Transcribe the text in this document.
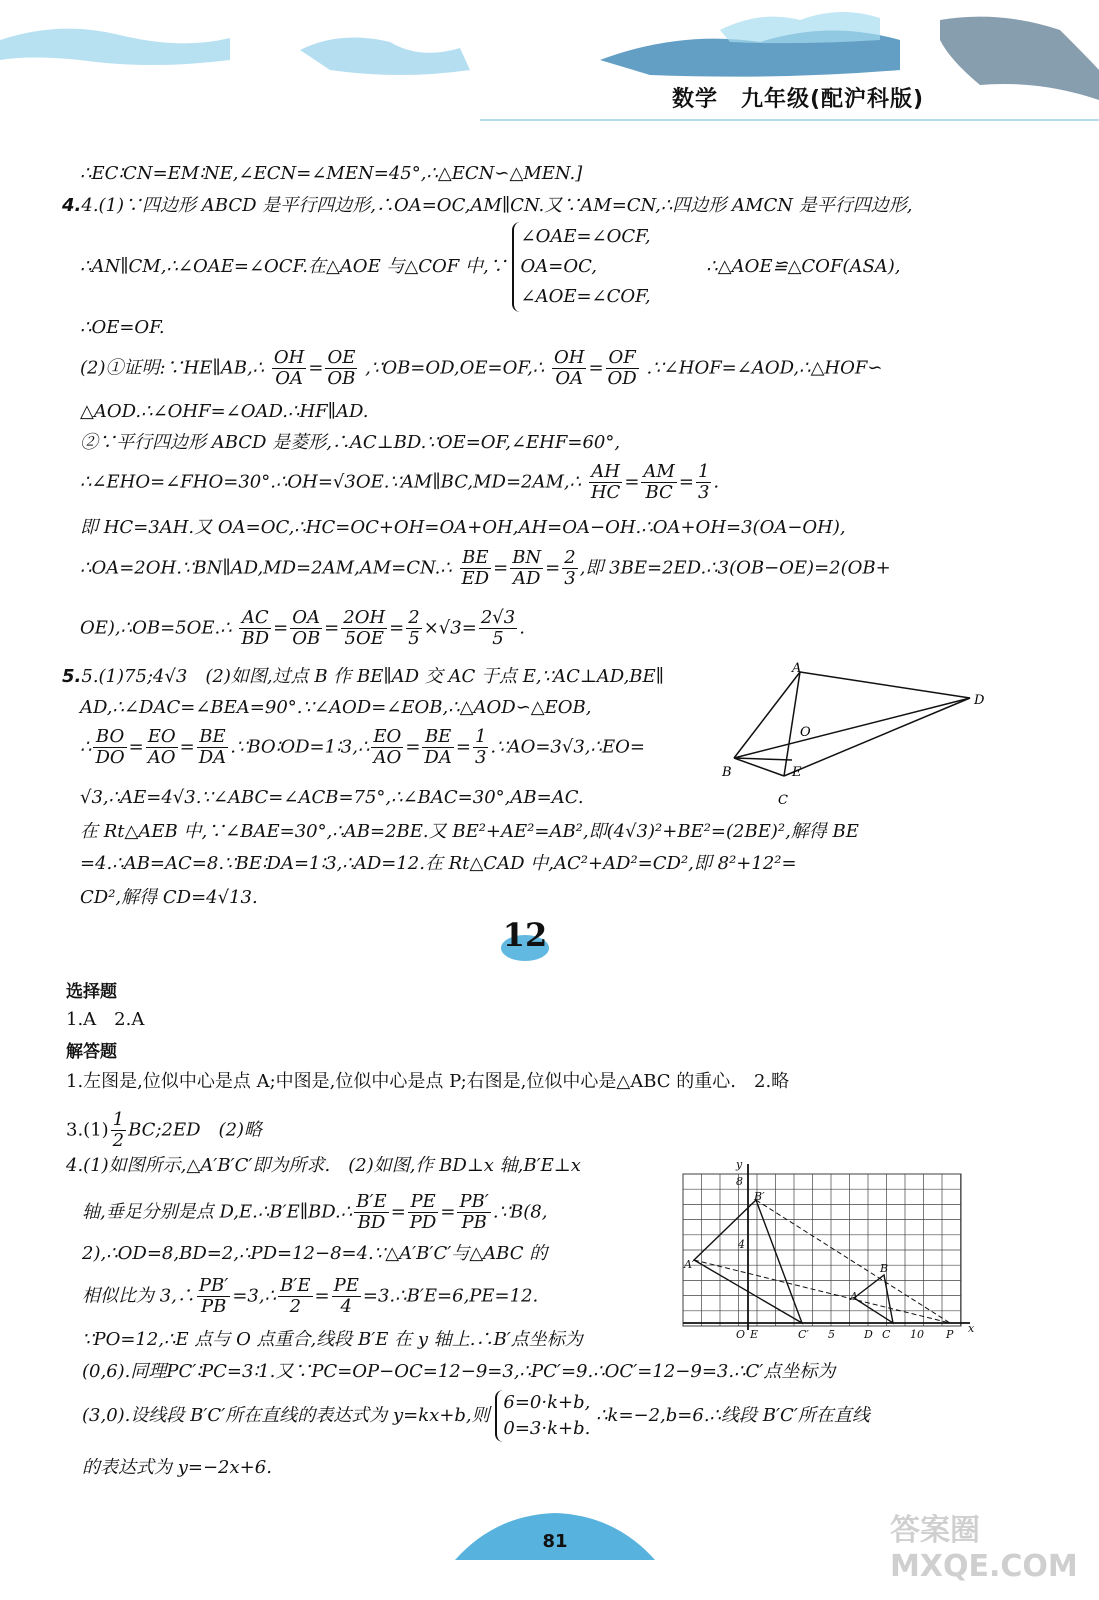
数学　九年级(配沪科版)
∴EC∶CN=EM∶NE,∠ECN=∠MEN=45°,∴△ECN∽△MEN.]
4.4.(1)∵四边形 ABCD 是平行四边形,∴OA=OC,AM∥CN.又∵AM=CN,∴四边形 AMCN 是平行四边形,
∴AN∥CM,∴∠OAE=∠OCF.在△AOE 与△COF 中,∵
∠OAE=∠OCF,
OA=OC,
∠AOE=∠COF,
∴△AOE≌△COF(ASA),
∴OE=OF.
(2)①证明:∵HE∥AB,∴ $\frac{OH}{OA} = \frac{OE}{OB}$ ,∵OB=OD,OE=OF,∴ $\frac{OH}{OA} = \frac{OF}{OD}$ .∵∠HOF=∠AOD,∴△HOF∽
△AOD.∴∠OHF=∠OAD.∴HF∥AD.
②∵平行四边形 ABCD 是菱形,∴AC⊥BD.∵OE=OF,∠EHF=60°,
∴∠EHO=∠FHO=30°.∴OH=√3OE.∵AM∥BC,MD=2AM,∴ $\frac{AH}{HC} = \frac{AM}{BC} = \frac{1}{3}$ .
即 HC=3AH.又 OA=OC,∴HC=OC+OH=OA+OH,AH=OA−OH.∴OA+OH=3(OA−OH),
∴OA=2OH.∵BN∥AD,MD=2AM,AM=CN.∴ $\frac{BE}{ED} = \frac{BN}{AD} = \frac{2}{3}$ ,即 3BE=2ED.∴3(OB−OE)=2(OB+
OE),∴OB=5OE.∴ $\frac{AC}{BD} = \frac{OA}{OB} = \frac{2OH}{5OE} = \frac{2}{5} \times√3= \frac{2√3}{5}$ .
5.5.(1)75;4√3　(2)如图,过点 B 作 BE∥AD 交 AC 于点 E,∵AC⊥AD,BE∥
AD,∴∠DAC=∠BEA=90°.∵∠AOD=∠EOB,∴△AOD∽△EOB,
∴ $\frac{BO}{DO} = \frac{EO}{AO} = \frac{BE}{DA}$ .∵BO∶OD=1∶3,∴ $\frac{EO}{AO} = \frac{BE}{DA} = \frac{1}{3}$ .∵AO=3√3,∴EO=
√3,∴AE=4√3.∵∠ABC=∠ACB=75°,∴∠BAC=30°,AB=AC.
A
D
O
B	E
C
在 Rt△AEB 中,∵∠BAE=30°,∴AB=2BE.又 BE²+AE²=AB²,即(4√3)²+BE²=(2BE)²,解得 BE
=4.∴AB=AC=8.∵BE∶DA=1∶3,∴AD=12.在 Rt△CAD 中,AC²+AD²=CD²,即 8²+12²=
CD²,解得 CD=4√13.
12
选择题
1.A　2.A
解答题
1.左图是,位似中心是点 A;中图是,位似中心是点 P;右图是,位似中心是△ABC 的重心.　2.略
$3.(1) \frac{1}{2}$ BC;2ED　(2)略
4.(1)如图所示,△A′B′C′即为所求.　(2)如图,作 BD⊥x 轴,B′E⊥x
轴,垂足分别是点 D,E.∴B′E∥BD.∴ $\frac{B'E}{BD} = \frac{PE}{PD} = \frac{PB'}{PB}$ .∵B(8,
2),∴OD=8,BD=2,∴PD=12−8=4.∵△A′B′C′与△ABC 的
相似比为 3,∴ $\frac{PB'}{PB}$ =3,∴ $\frac{B'E}{2} = \frac{PE}{4}$ =3.∴B′E=6,PE=12.
∵PO=12,∴E 点与 O 点重合,线段 B′E 在 y 轴上.∴B′点坐标为
(0,6).同理PC′∶PC=3∶1.又∵PC=OP−OC=12−9=3,∴PC′=9.∴OC′=12−9=3.∴C′点坐标为
(3,0).设线段 B′C′所在直线的表达式为 y=kx+b,则
6=0·k+b,
0=3·k+b.
∴k=−2,b=6.∴线段 B′C′所在直线
的表达式为 y=−2x+6.
y
x
8
B′
4
A′
A
B
O E	C′ 5	D C 10 P
81	答案圈 MXQE.COM
